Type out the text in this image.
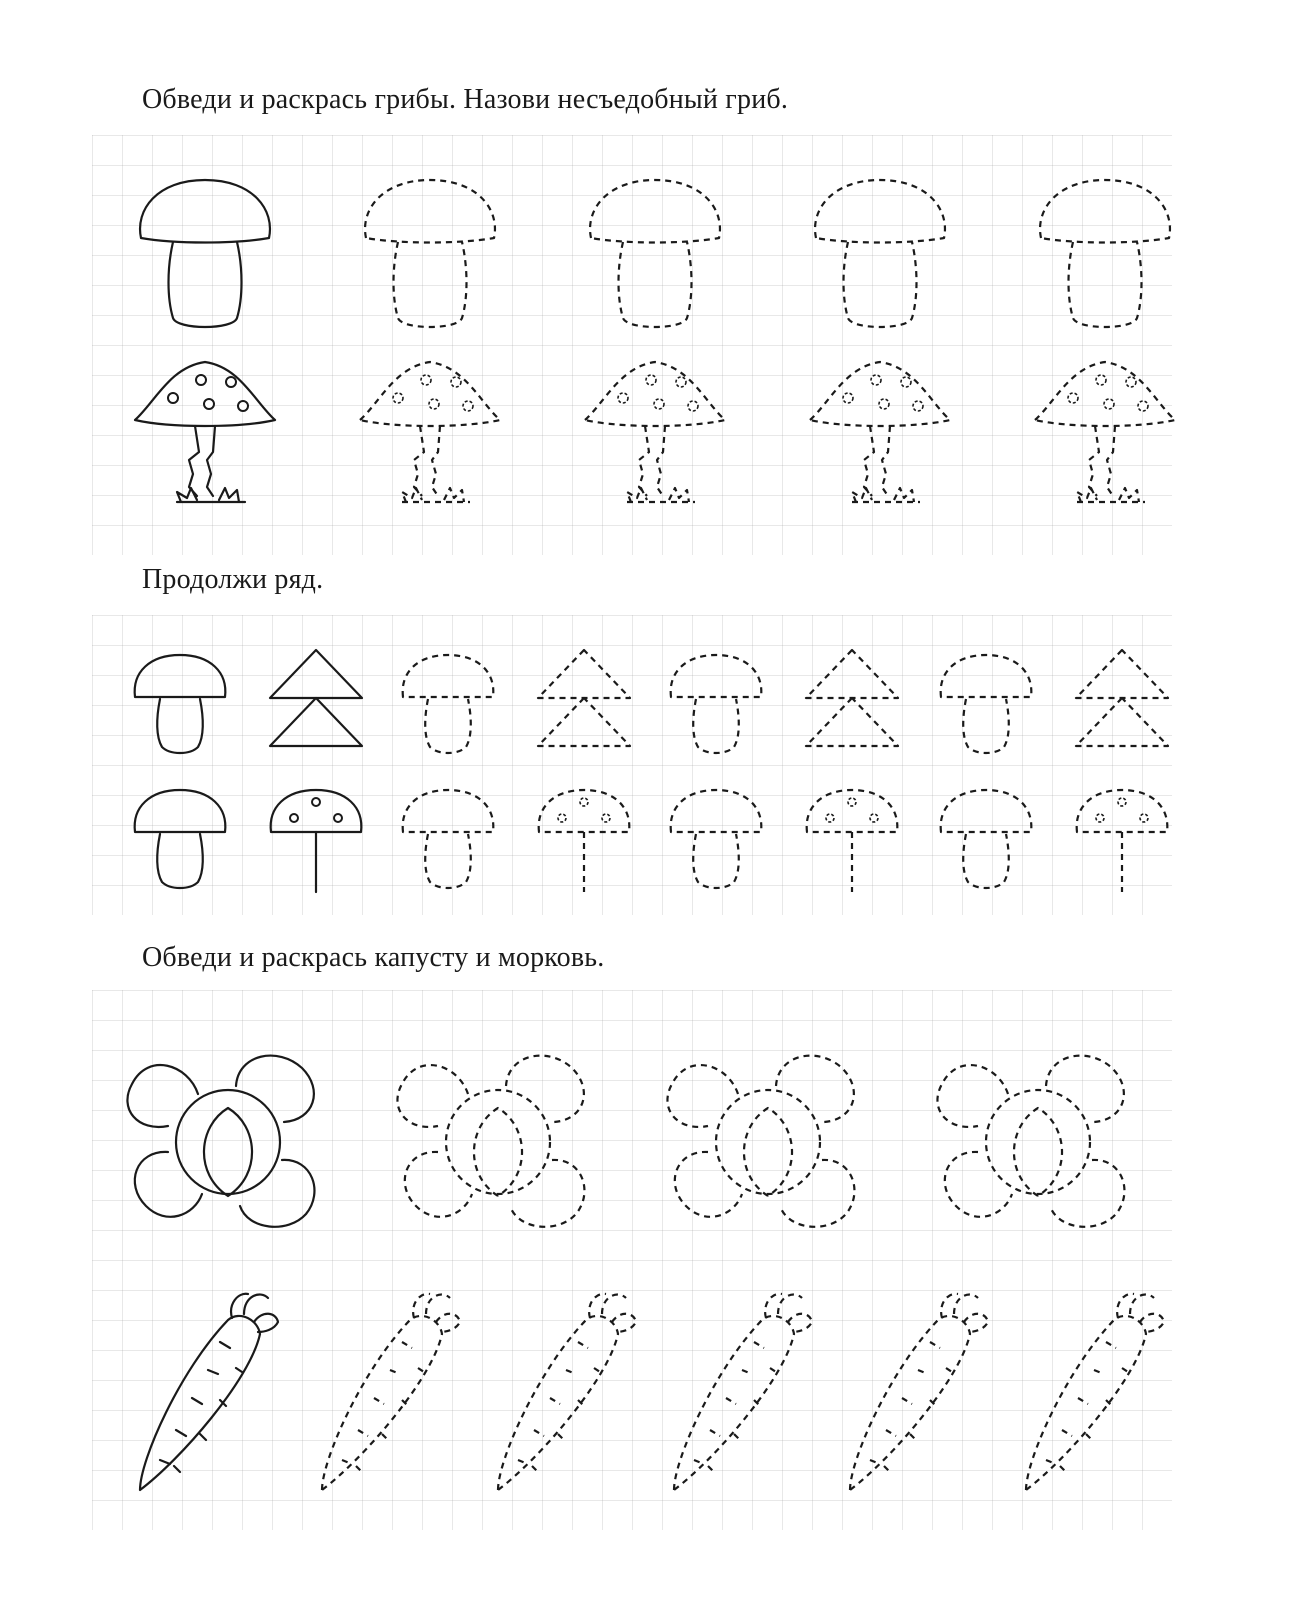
Обведи и раскрась грибы. Назови несъедобный гриб.
Продолжи ряд.
Обведи и раскрась капусту и морковь.
